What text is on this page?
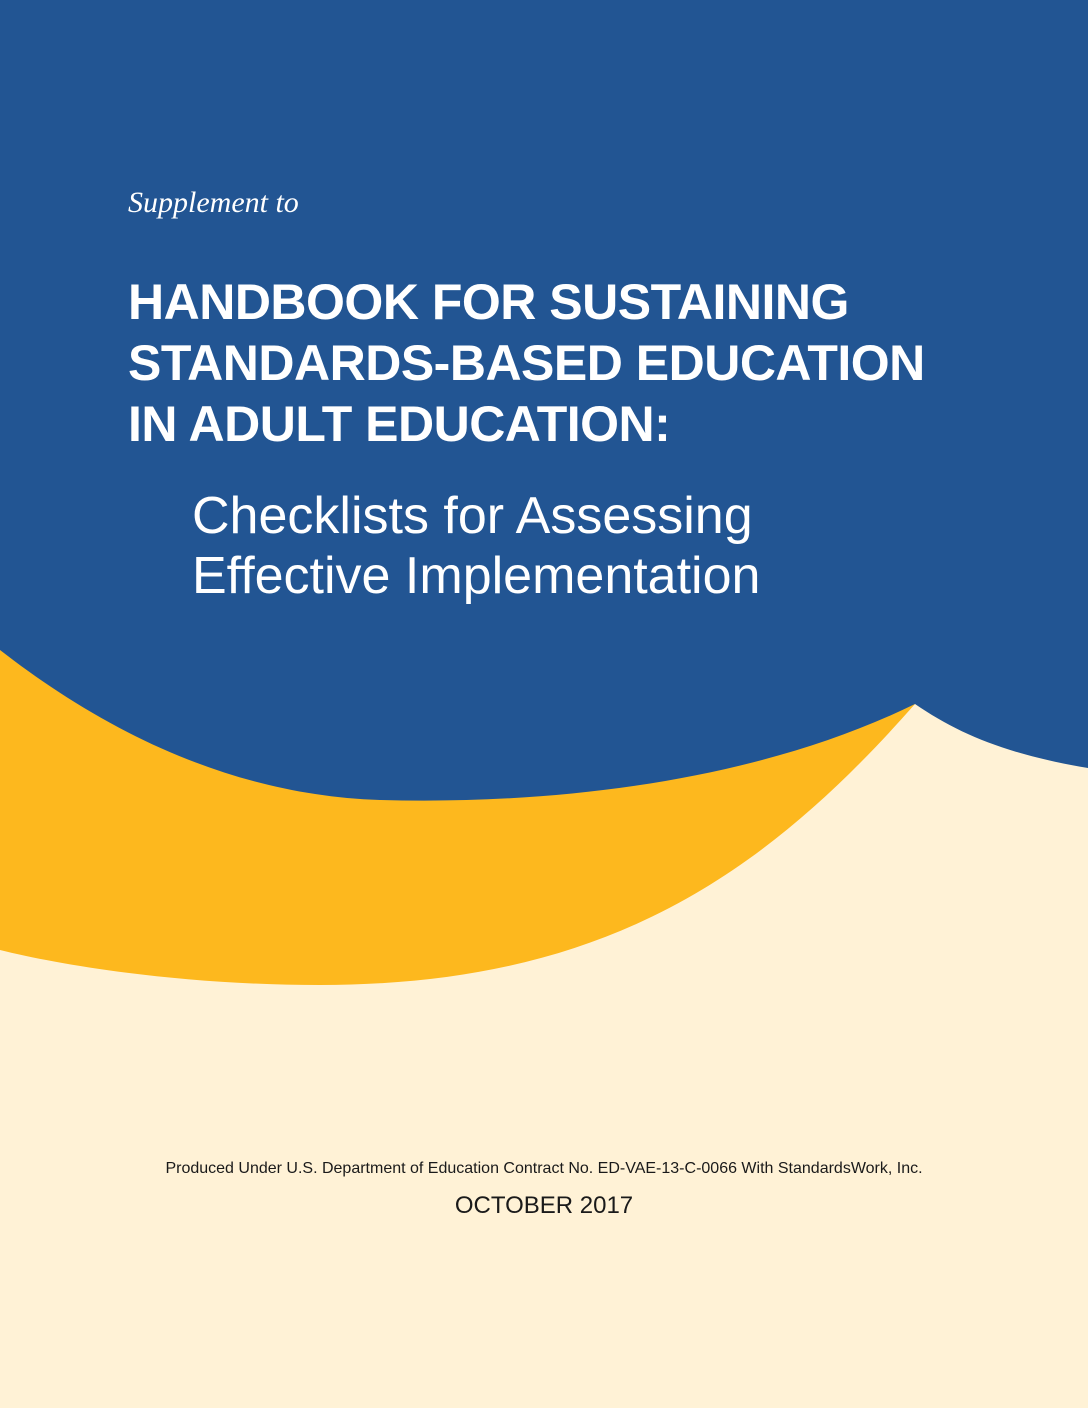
Supplement to
HANDBOOK FOR SUSTAINING
STANDARDS-BASED EDUCATION
IN ADULT EDUCATION:
Checklists for Assessing
Effective Implementation
Produced Under U.S. Department of Education Contract No. ED-VAE-13-C-0066 With StandardsWork, Inc.
OCTOBER 2017
